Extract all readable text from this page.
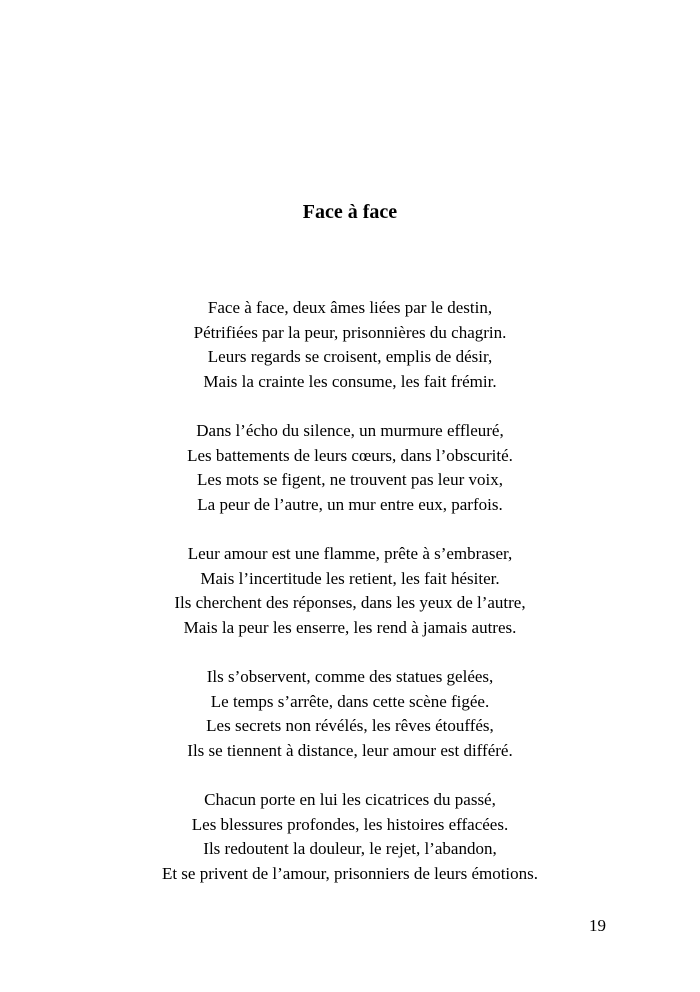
Face à face
Face à face, deux âmes liées par le destin,
Pétrifiées par la peur, prisonnières du chagrin.
Leurs regards se croisent, emplis de désir,
Mais la crainte les consume, les fait frémir.
Dans l’écho du silence, un murmure effleuré,
Les battements de leurs cœurs, dans l’obscurité.
Les mots se figent, ne trouvent pas leur voix,
La peur de l’autre, un mur entre eux, parfois.
Leur amour est une flamme, prête à s’embraser,
Mais l’incertitude les retient, les fait hésiter.
Ils cherchent des réponses, dans les yeux de l’autre,
Mais la peur les enserre, les rend à jamais autres.
Ils s’observent, comme des statues gelées,
Le temps s’arrête, dans cette scène figée.
Les secrets non révélés, les rêves étouffés,
Ils se tiennent à distance, leur amour est différé.
Chacun porte en lui les cicatrices du passé,
Les blessures profondes, les histoires effacées.
Ils redoutent la douleur, le rejet, l’abandon,
Et se privent de l’amour, prisonniers de leurs émotions.
19
